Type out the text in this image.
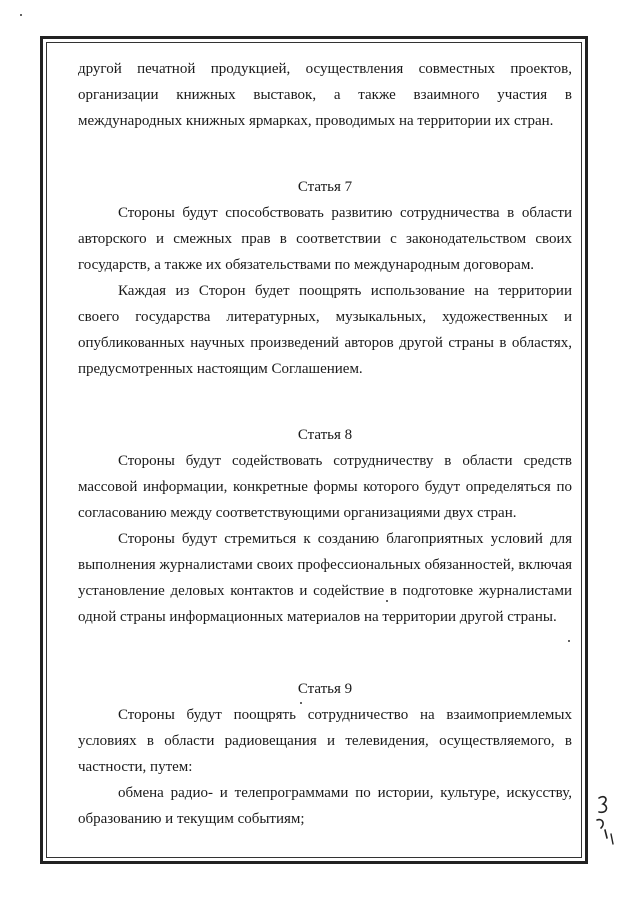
другой печатной продукцией, осуществления совместных проектов,

организации книжных выставок, а также взаимного участия в

международных книжных ярмарках, проводимых на территории их стран.

Статья 7

Стороны будут способствовать развитию сотрудничества в области авторского и смежных прав в соответствии с законодательством своих государств, а также их обязательствами по международным договорам.

Каждая из Сторон будет поощрять использование на территории своего государства литературных, музыкальных, художественных и опубликованных научных произведений авторов другой страны в областях, предусмотренных настоящим Соглашением.

Статья 8

Стороны будут содействовать сотрудничеству в области средств массовой информации, конкретные формы которого будут определяться по согласованию между соответствующими организациями двух стран.

Стороны будут стремиться к созданию благоприятных условий для выполнения журналистами своих профессиональных обязанностей, включая установление деловых контактов и содействие в подготовке журналистами одной страны информационных материалов на территории другой страны.

Статья 9

Стороны будут поощрять сотрудничество на взаимоприемлемых условиях в области радиовещания и телевидения, осуществляемого, в частности, путем:

обмена радио- и телепрограммами по истории, культуре, искусству, образованию и текущим событиям;
